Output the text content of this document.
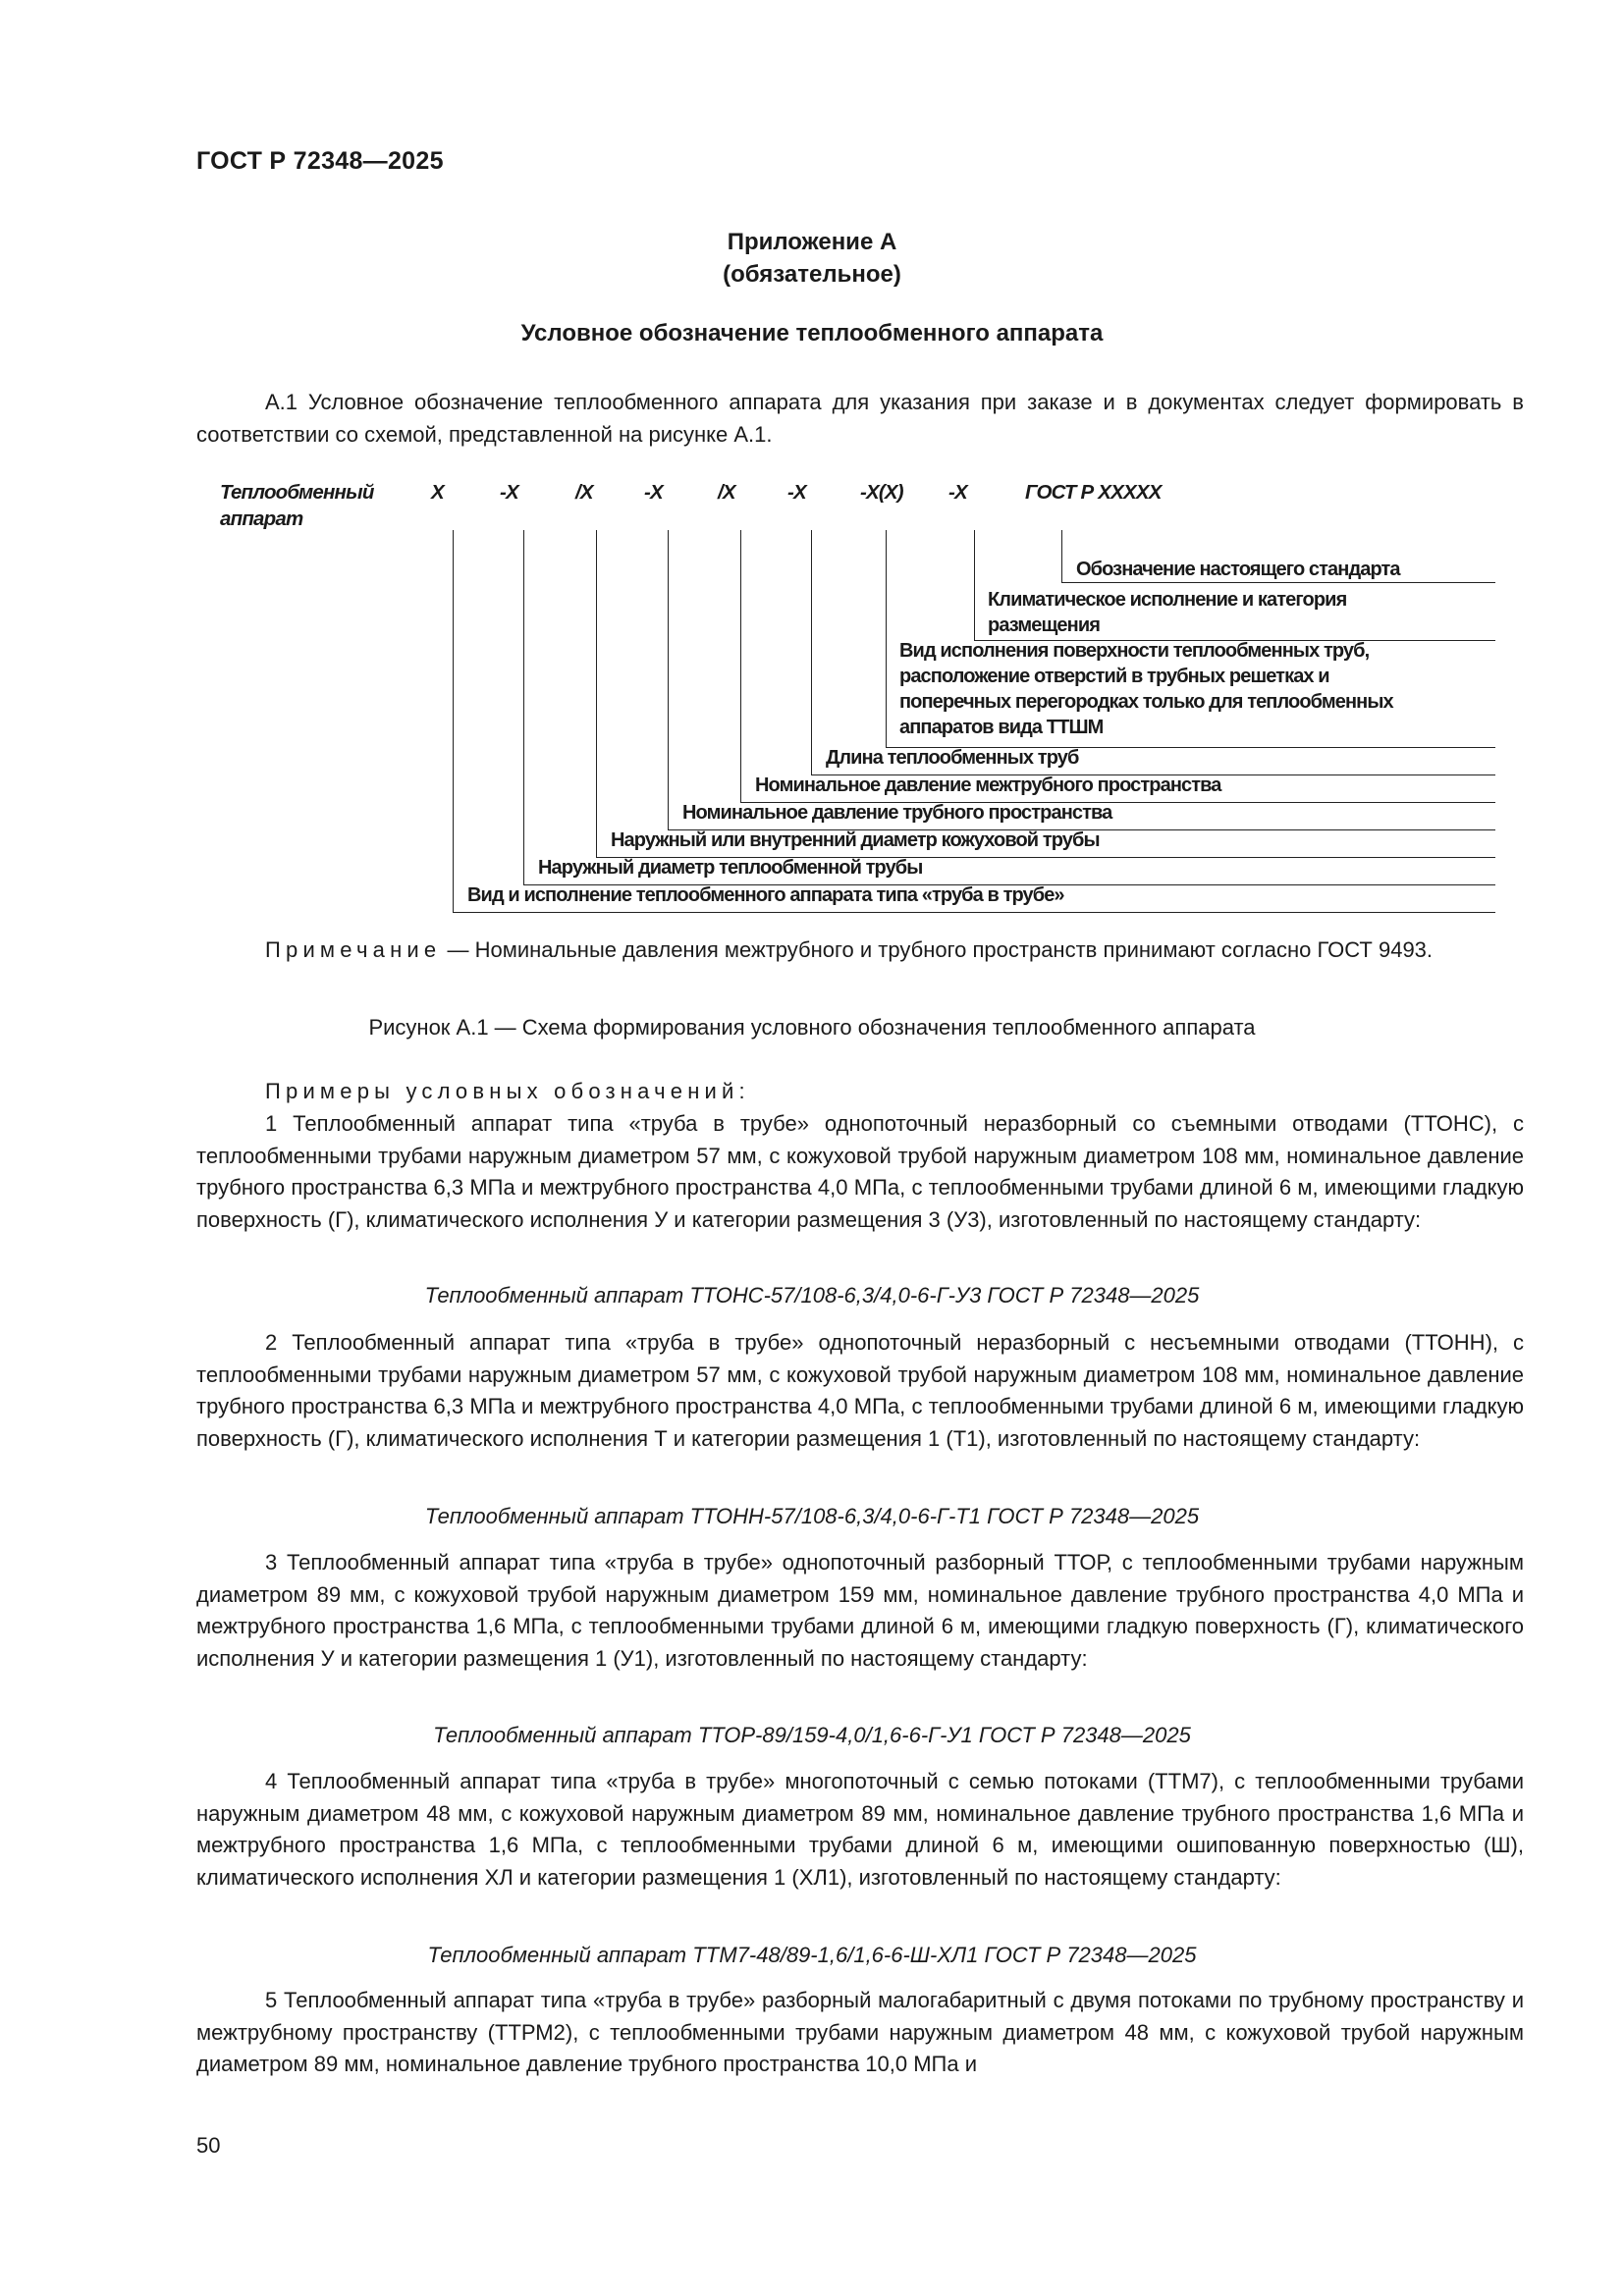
ГОСТ Р 72348—2025
Приложение А
(обязательное)
Условное обозначение теплообменного аппарата
А.1 Условное обозначение теплообменного аппарата для указания при заказе и в документах следует формировать в соответствии со схемой, представленной на рисунке А.1.
Теплообменный
аппарат
Х	-Х	/Х	-Х	/Х	-Х	-Х(Х) -Х	ГОСТ Р ХХХХХ
Обозначение настоящего стандарта
Климатическое исполнение и категория
размещения
Вид исполнения поверхности теплообменных труб,
расположение отверстий в трубных решетках и
поперечных перегородках только для теплообменных
аппаратов вида ТТШМ
Длина теплообменных труб
Номинальное давление межтрубного пространства
Номинальное давление трубного пространства
Наружный или внутренний диаметр кожуховой трубы
Наружный диаметр теплообменной трубы
Вид и исполнение теплообменного аппарата типа «труба в трубе»
Примечание — Номинальные давления межтрубного и трубного пространств принимают согласно ГОСТ 9493.
Рисунок А.1 — Схема формирования условного обозначения теплообменного аппарата
Примеры условных обозначений:
1 Теплообменный аппарат типа «труба в трубе» однопоточный неразборный со съемными отводами (ТТОНС), с теплообменными трубами наружным диаметром 57 мм, с кожуховой трубой наружным диаметром 108 мм, номинальное давление трубного пространства 6,3 МПа и межтрубного пространства 4,0 МПа, с теплообменными трубами длиной 6 м, имеющими гладкую поверхность (Г), климатического исполнения У и категории размещения 3 (У3), изготовленный по настоящему стандарту:
Теплообменный аппарат ТТОНС-57/108-6,3/4,0-6-Г-У3 ГОСТ Р 72348—2025
2 Теплообменный аппарат типа «труба в трубе» однопоточный неразборный с несъемными отводами (ТТОНН), с теплообменными трубами наружным диаметром 57 мм, с кожуховой трубой наружным диаметром 108 мм, номинальное давление трубного пространства 6,3 МПа и межтрубного пространства 4,0 МПа, с теплообменными трубами длиной 6 м, имеющими гладкую поверхность (Г), климатического исполнения Т и категории размещения 1 (Т1), изготовленный по настоящему стандарту:
Теплообменный аппарат ТТОНН-57/108-6,3/4,0-6-Г-Т1 ГОСТ Р 72348—2025
3 Теплообменный аппарат типа «труба в трубе» однопоточный разборный ТТОР, с теплообменными трубами наружным диаметром 89 мм, с кожуховой трубой наружным диаметром 159 мм, номинальное давление трубного пространства 4,0 МПа и межтрубного пространства 1,6 МПа, с теплообменными трубами длиной 6 м, имеющими гладкую поверхность (Г), климатического исполнения У и категории размещения 1 (У1), изготовленный по настоящему стандарту:
Теплообменный аппарат ТТОР-89/159-4,0/1,6-6-Г-У1 ГОСТ Р 72348—2025
4 Теплообменный аппарат типа «труба в трубе» многопоточный с семью потоками (ТТМ7), с теплообменными трубами наружным диаметром 48 мм, с кожуховой наружным диаметром 89 мм, номинальное давление трубного пространства 1,6 МПа и межтрубного пространства 1,6 МПа, с теплообменными трубами длиной 6 м, имеющими ошипованную поверхностью (Ш), климатического исполнения ХЛ и категории размещения 1 (ХЛ1), изготовленный по настоящему стандарту:
Теплообменный аппарат ТТМ7-48/89-1,6/1,6-6-Ш-ХЛ1 ГОСТ Р 72348—2025
5 Теплообменный аппарат типа «труба в трубе» разборный малогабаритный с двумя потоками по трубному пространству и межтрубному пространству (ТТРМ2), с теплообменными трубами наружным диаметром 48 мм, с кожуховой трубой наружным диаметром 89 мм, номинальное давление трубного пространства 10,0 МПа и
50
